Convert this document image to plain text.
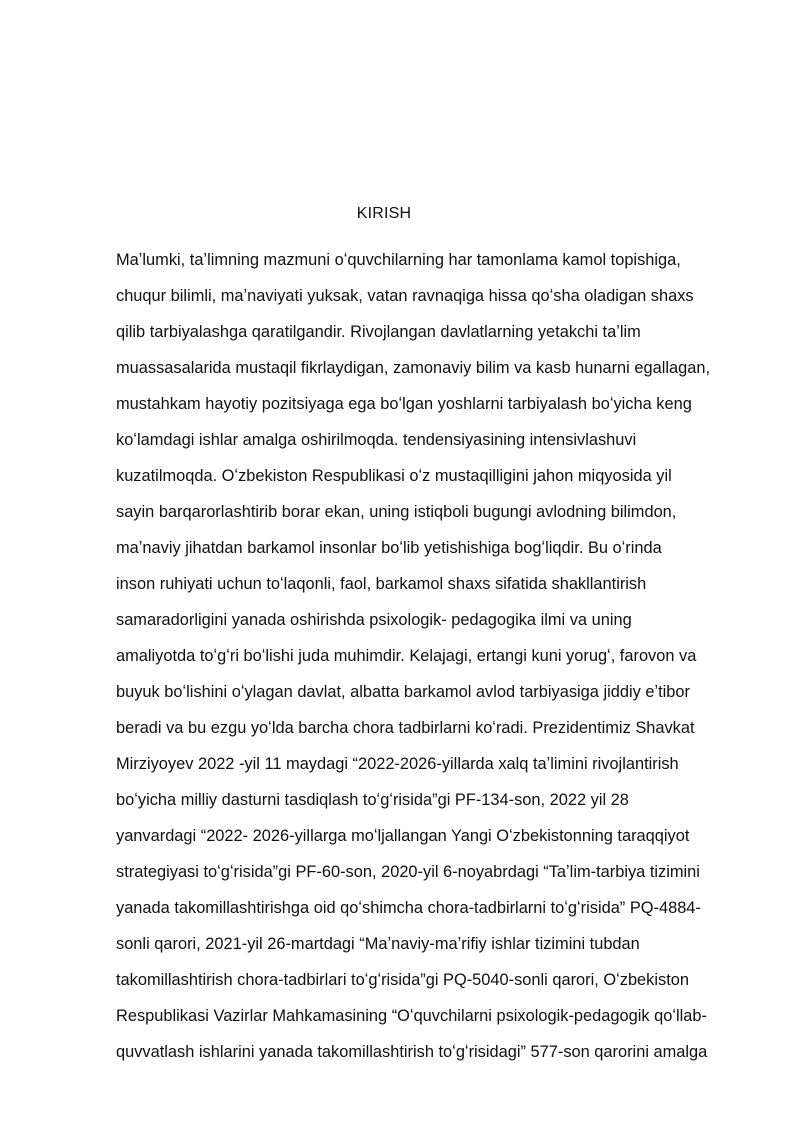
KIRISH
Maʼlumki, taʼlimning mazmuni oʻquvchilarning har tamonlama kamol topishiga,
chuqur bilimli, maʼnaviyati yuksak, vatan ravnaqiga hissa qoʻsha oladigan shaxs
qilib tarbiyalashga qaratilgandir. Rivojlangan davlatlarning yetakchi taʼlim
muassasalarida mustaqil fikrlaydigan, zamonaviy bilim va kasb hunarni egallagan,
mustahkam hayotiy pozitsiyaga ega boʻlgan yoshlarni tarbiyalash boʻyicha keng
koʻlamdagi ishlar amalga oshirilmoqda. tendensiyasining intensivlashuvi
kuzatilmoqda. Oʻzbekiston Respublikasi oʻz mustaqilligini jahon miqyosida yil
sayin barqarorlashtirib borar ekan, uning istiqboli bugungi avlodning bilimdon,
maʼnaviy jihatdan barkamol insonlar boʻlib yetishishiga bogʻliqdir. Bu oʻrinda
inson ruhiyati uchun toʻlaqonli, faol, barkamol shaxs sifatida shakllantirish
samaradorligini yanada oshirishda psixologik- pedagogika ilmi va uning
amaliyotda toʻgʻri boʻlishi juda muhimdir. Kelajagi, ertangi kuni yorugʻ, farovon va
buyuk boʻlishini oʻylagan davlat, albatta barkamol avlod tarbiyasiga jiddiy eʼtibor
beradi va bu ezgu yoʻlda barcha chora tadbirlarni koʻradi. Prezidentimiz Shavkat
Mirziyoyev 2022 -yil 11 maydagi “2022-2026-yillarda xalq taʼlimini rivojlantirish
boʻyicha milliy dasturni tasdiqlash toʻgʻrisida”gi PF-134-son, 2022 yil 28
yanvardagi “2022- 2026-yillarga moʻljallangan Yangi Oʻzbekistonning taraqqiyot
strategiyasi toʻgʻrisida”gi PF-60-son, 2020-yil 6-noyabrdagi “Taʼlim-tarbiya tizimini
yanada takomillashtirishga oid qoʻshimcha chora-tadbirlarni toʻgʻrisida” PQ-4884-
sonli qarori, 2021-yil 26-martdagi “Maʼnaviy-maʼrifiy ishlar tizimini tubdan
takomillashtirish chora-tadbirlari toʻgʻrisida”gi PQ-5040-sonli qarori, Oʻzbekiston
Respublikasi Vazirlar Mahkamasining “Oʻquvchilarni psixologik-pedagogik qoʻllab-
quvvatlash ishlarini yanada takomillashtirish toʻgʻrisidagi” 577-son qarorini amalga
